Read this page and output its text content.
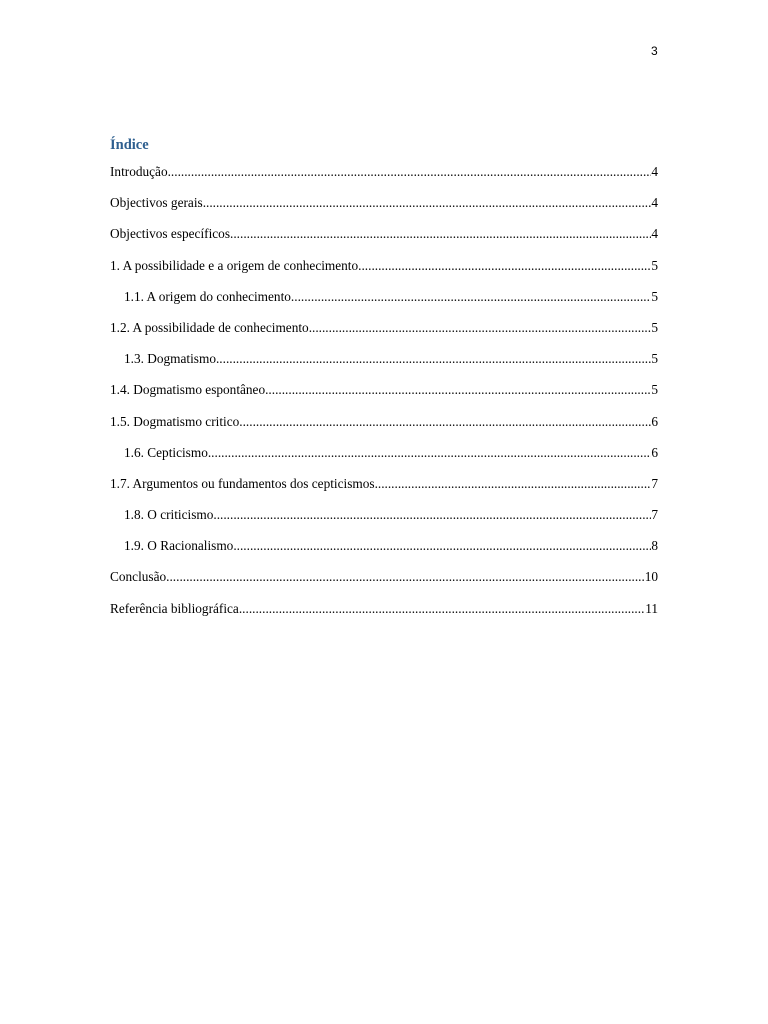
3
Índice
Introdução .....	4
Objectivos gerais .....	4
Objectivos específicos .....	4
1. A possibilidade e a origem de conhecimento .....	5
1.1. A origem do conhecimento .....	5
1.2. A possibilidade de conhecimento .....	5
1.3. Dogmatismo .....	5
1.4. Dogmatismo espontâneo .....	5
1.5. Dogmatismo critico .....	6
1.6. Cepticismo .....	6
1.7. Argumentos ou fundamentos dos cepticismos .....	7
1.8. O criticismo .....	7
1.9. O Racionalismo .....	8
Conclusão .....	10
Referência bibliográfica .....	11
